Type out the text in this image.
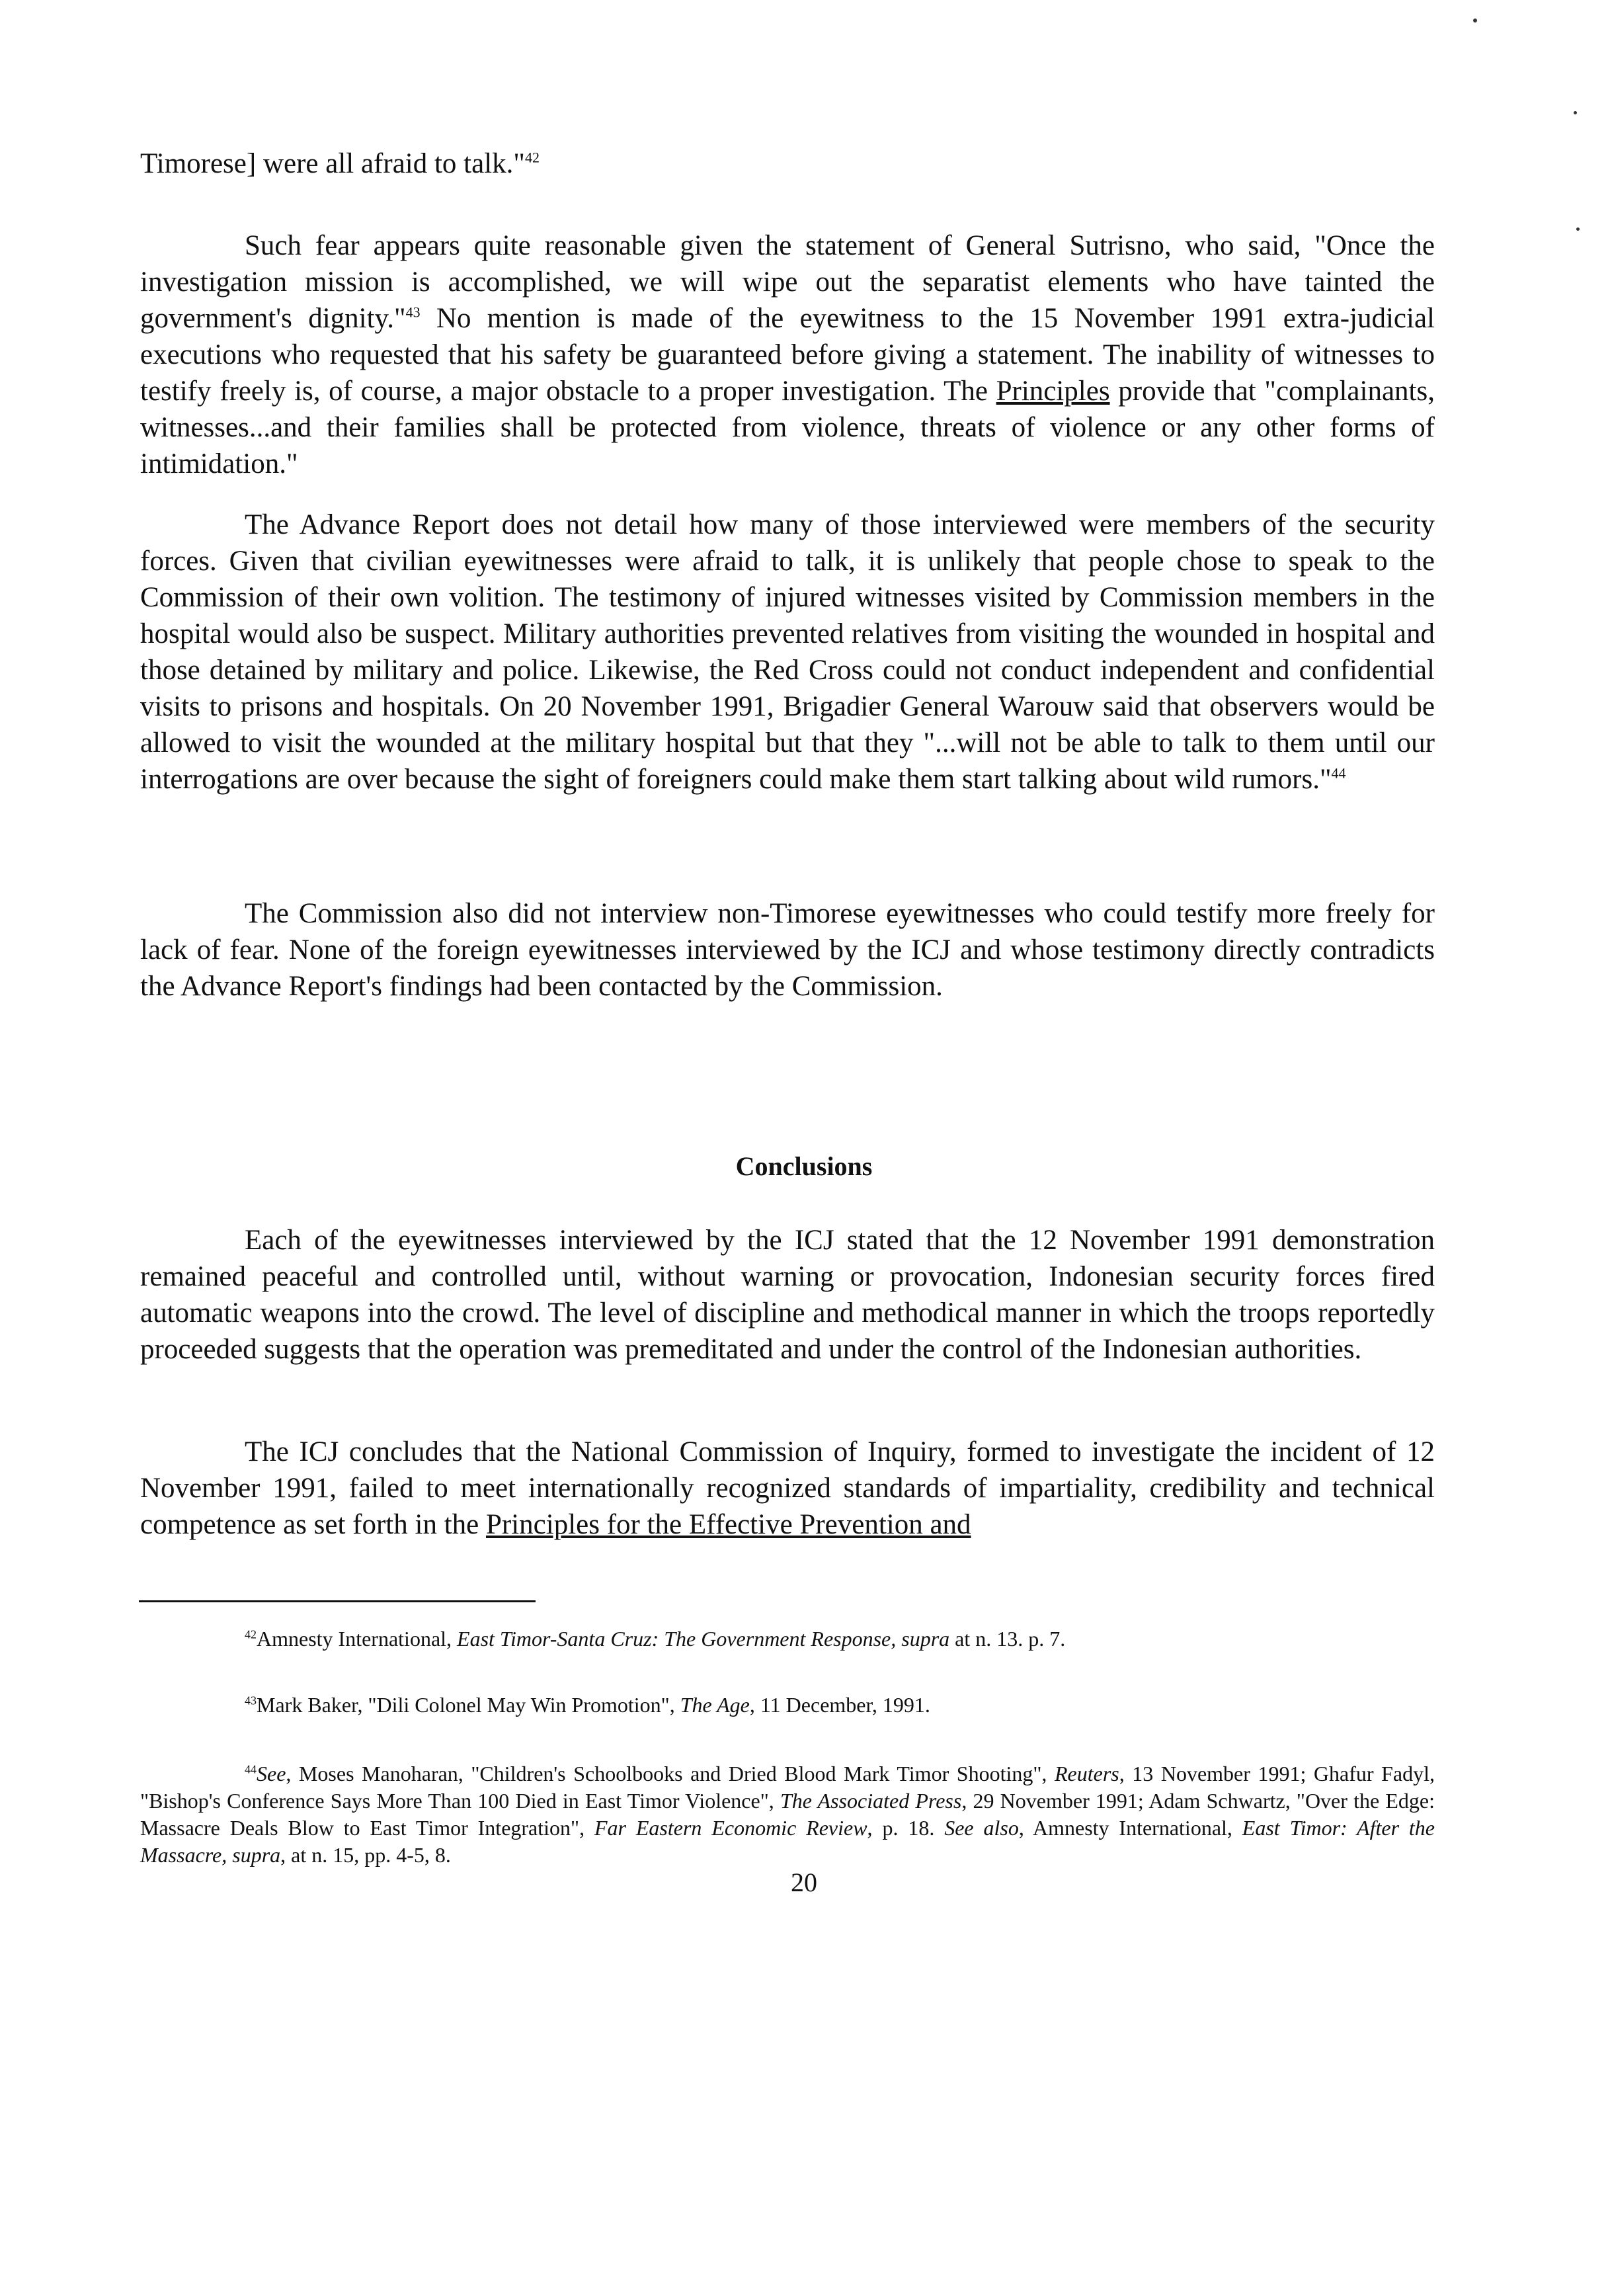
Timorese] were all afraid to talk."$^{42}$

Such fear appears quite reasonable given the statement of General Sutrisno, who said, "Once the investigation mission is accomplished, we will wipe out the separatist elements who have tainted the government's dignity."$^{43}$ No mention is made of the eyewitness to the 15 November 1991 extra-judicial executions who requested that his safety be guaranteed before giving a statement. The inability of witnesses to testify freely is, of course, a major obstacle to a proper investigation. The Principles provide that "complainants, witnesses...and their families shall be protected from violence, threats of violence or any other forms of intimidation."

The Advance Report does not detail how many of those interviewed were members of the security forces. Given that civilian eyewitnesses were afraid to talk, it is unlikely that people chose to speak to the Commission of their own volition. The testimony of injured witnesses visited by Commission members in the hospital would also be suspect. Military authorities prevented relatives from visiting the wounded in hospital and those detained by military and police. Likewise, the Red Cross could not conduct independent and confidential visits to prisons and hospitals. On 20 November 1991, Brigadier General Warouw said that observers would be allowed to visit the wounded at the military hospital but that they "...will not be able to talk to them until our interrogations are over because the sight of foreigners could make them start talking about wild rumors."$^{44}$

The Commission also did not interview non-Timorese eyewitnesses who could testify more freely for lack of fear. None of the foreign eyewitnesses interviewed by the ICJ and whose testimony directly contradicts the Advance Report's findings had been contacted by the Commission.

Conclusions

Each of the eyewitnesses interviewed by the ICJ stated that the 12 November 1991 demonstration remained peaceful and controlled until, without warning or provocation, Indonesian security forces fired automatic weapons into the crowd. The level of discipline and methodical manner in which the troops reportedly proceeded suggests that the operation was premeditated and under the control of the Indonesian authorities.

The ICJ concludes that the National Commission of Inquiry, formed to investigate the incident of 12 November 1991, failed to meet internationally recognized standards of impartiality, credibility and technical competence as set forth in the Principles for the Effective Prevention and

$^{42}$Amnesty International, East Timor-Santa Cruz: The Government Response, supra at n. 13. p. 7.

$^{43}$Mark Baker, "Dili Colonel May Win Promotion", The Age, 11 December, 1991.

$^{44}$See, Moses Manoharan, "Children's Schoolbooks and Dried Blood Mark Timor Shooting", Reuters, 13 November 1991; Ghafur Fadyl, "Bishop's Conference Says More Than 100 Died in East Timor Violence", The Associated Press, 29 November 1991; Adam Schwartz, "Over the Edge: Massacre Deals Blow to East Timor Integration", Far Eastern Economic Review, p. 18. See also, Amnesty International, East Timor: After the Massacre, supra, at n. 15, pp. 4-5, 8.

20
